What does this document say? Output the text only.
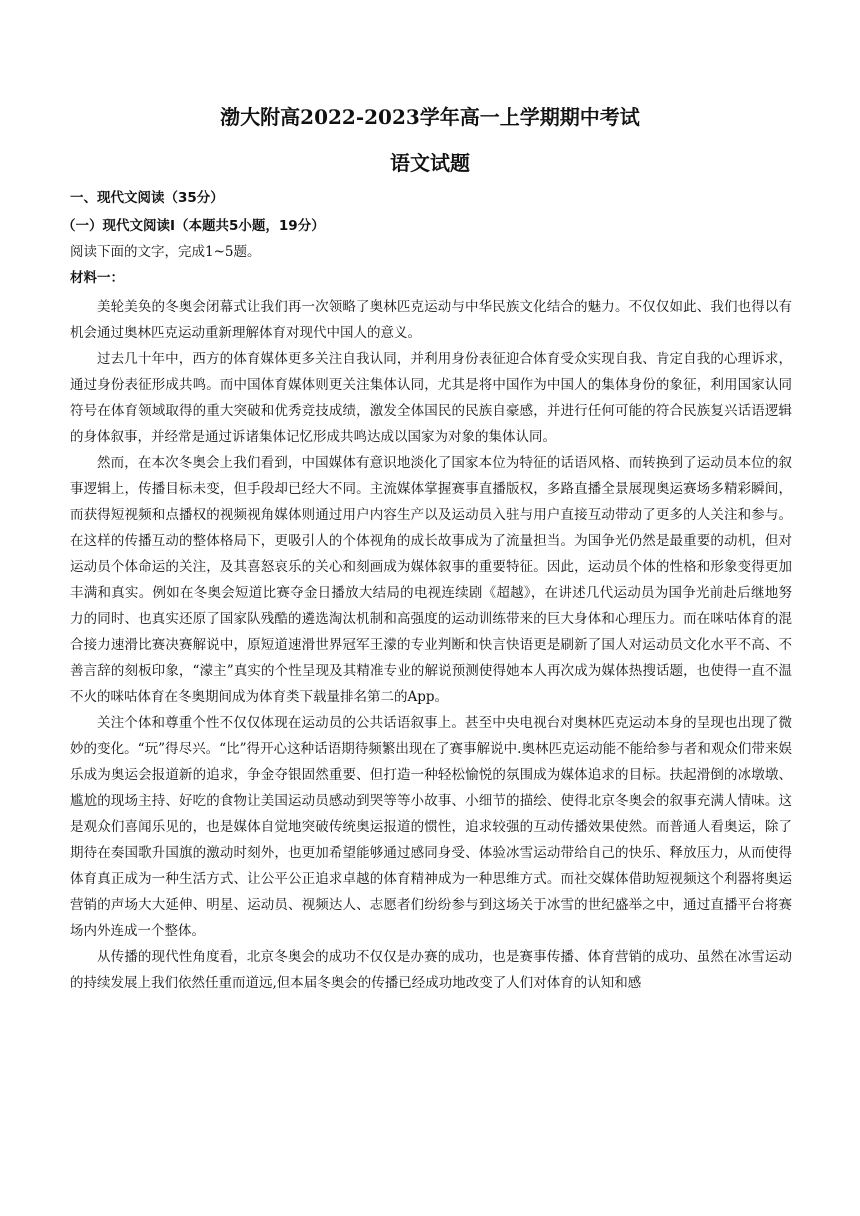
渤大附高2022-2023学年高一上学期期中考试
语文试题
一、现代文阅读（35分）
（一）现代文阅读Ⅰ（本题共5小题，19分）
阅读下面的文字，完成1~5题。
材料一：

美轮美奂的冬奥会闭幕式让我们再一次领略了奥林匹克运动与中华民族文化结合的魅力。不仅仅如此、我们也得以有机会通过奥林匹克运动重新理解体育对现代中国人的意义。

过去几十年中，西方的体育媒体更多关注自我认同，并利用身份表征迎合体育受众实现自我、肯定自我的心理诉求，通过身份表征形成共鸣。而中国体育媒体则更关注集体认同，尤其是将中国作为中国人的集体身份的象征，利用国家认同符号在体育领域取得的重大突破和优秀竞技成绩，激发全体国民的民族自豪感，并进行任何可能的符合民族复兴话语逻辑的身体叙事，并经常是通过诉诸集体记忆形成共鸣达成以国家为对象的集体认同。

然而，在本次冬奥会上我们看到，中国媒体有意识地淡化了国家本位为特征的话语风格、而转换到了运动员本位的叙事逻辑上，传播目标未变，但手段却已经大不同。主流媒体掌握赛事直播版权，多路直播全景展现奥运赛场多精彩瞬间，而获得短视频和点播权的视频视角媒体则通过用户内容生产以及运动员入驻与用户直接互动带动了更多的人关注和参与。在这样的传播互动的整体格局下，更吸引人的个体视角的成长故事成为了流量担当。为国争光仍然是最重要的动机，但对运动员个体命运的关注，及其喜怒哀乐的关心和刻画成为媒体叙事的重要特征。因此，运动员个体的性格和形象变得更加丰满和真实。例如在冬奥会短道比赛夺金日播放大结局的电视连续剧《超越》，在讲述几代运动员为国争光前赴后继地努力的同时、也真实还原了国家队残酷的遴选淘汰机制和高强度的运动训练带来的巨大身体和心理压力。而在咪咕体育的混合接力速滑比赛决赛解说中，原短道速滑世界冠军王濛的专业判断和快言快语更是刷新了国人对运动员文化水平不高、不善言辞的刻板印象，“濛主”真实的个性呈现及其精准专业的解说预测使得她本人再次成为媒体热搜话题，也使得一直不温不火的咪咕体育在冬奥期间成为体育类下载量排名第二的App。

关注个体和尊重个性不仅仅体现在运动员的公共话语叙事上。甚至中央电视台对奥林匹克运动本身的呈现也出现了微妙的变化。“玩”得尽兴。“比”得开心这种话语期待频繁出现在了赛事解说中.奥林匹克运动能不能给参与者和观众们带来娱乐成为奥运会报道新的追求，争金夺银固然重要、但打造一种轻松愉悦的氛围成为媒体追求的目标。扶起滑倒的冰墩墩、尴尬的现场主持、好吃的食物让美国运动员感动到哭等等小故事、小细节的描绘、使得北京冬奥会的叙事充满人情味。这是观众们喜闻乐见的，也是媒体自觉地突破传统奥运报道的惯性，追求较强的互动传播效果使然。而普通人看奥运，除了期待在奏国歌升国旗的激动时刻外，也更加希望能够通过感同身受、体验冰雪运动带给自己的快乐、释放压力，从而使得体育真正成为一种生活方式、让公平公正追求卓越的体育精神成为一种思维方式。而社交媒体借助短视频这个利器将奥运营销的声场大大延伸、明星、运动员、视频达人、志愿者们纷纷参与到这场关于冰雪的世纪盛举之中，通过直播平台将赛场内外连成一个整体。

从传播的现代性角度看，北京冬奥会的成功不仅仅是办赛的成功，也是赛事传播、体育营销的成功、虽然在冰雪运动的持续发展上我们依然任重而道远,但本届冬奥会的传播已经成功地改变了人们对体育的认知和感
